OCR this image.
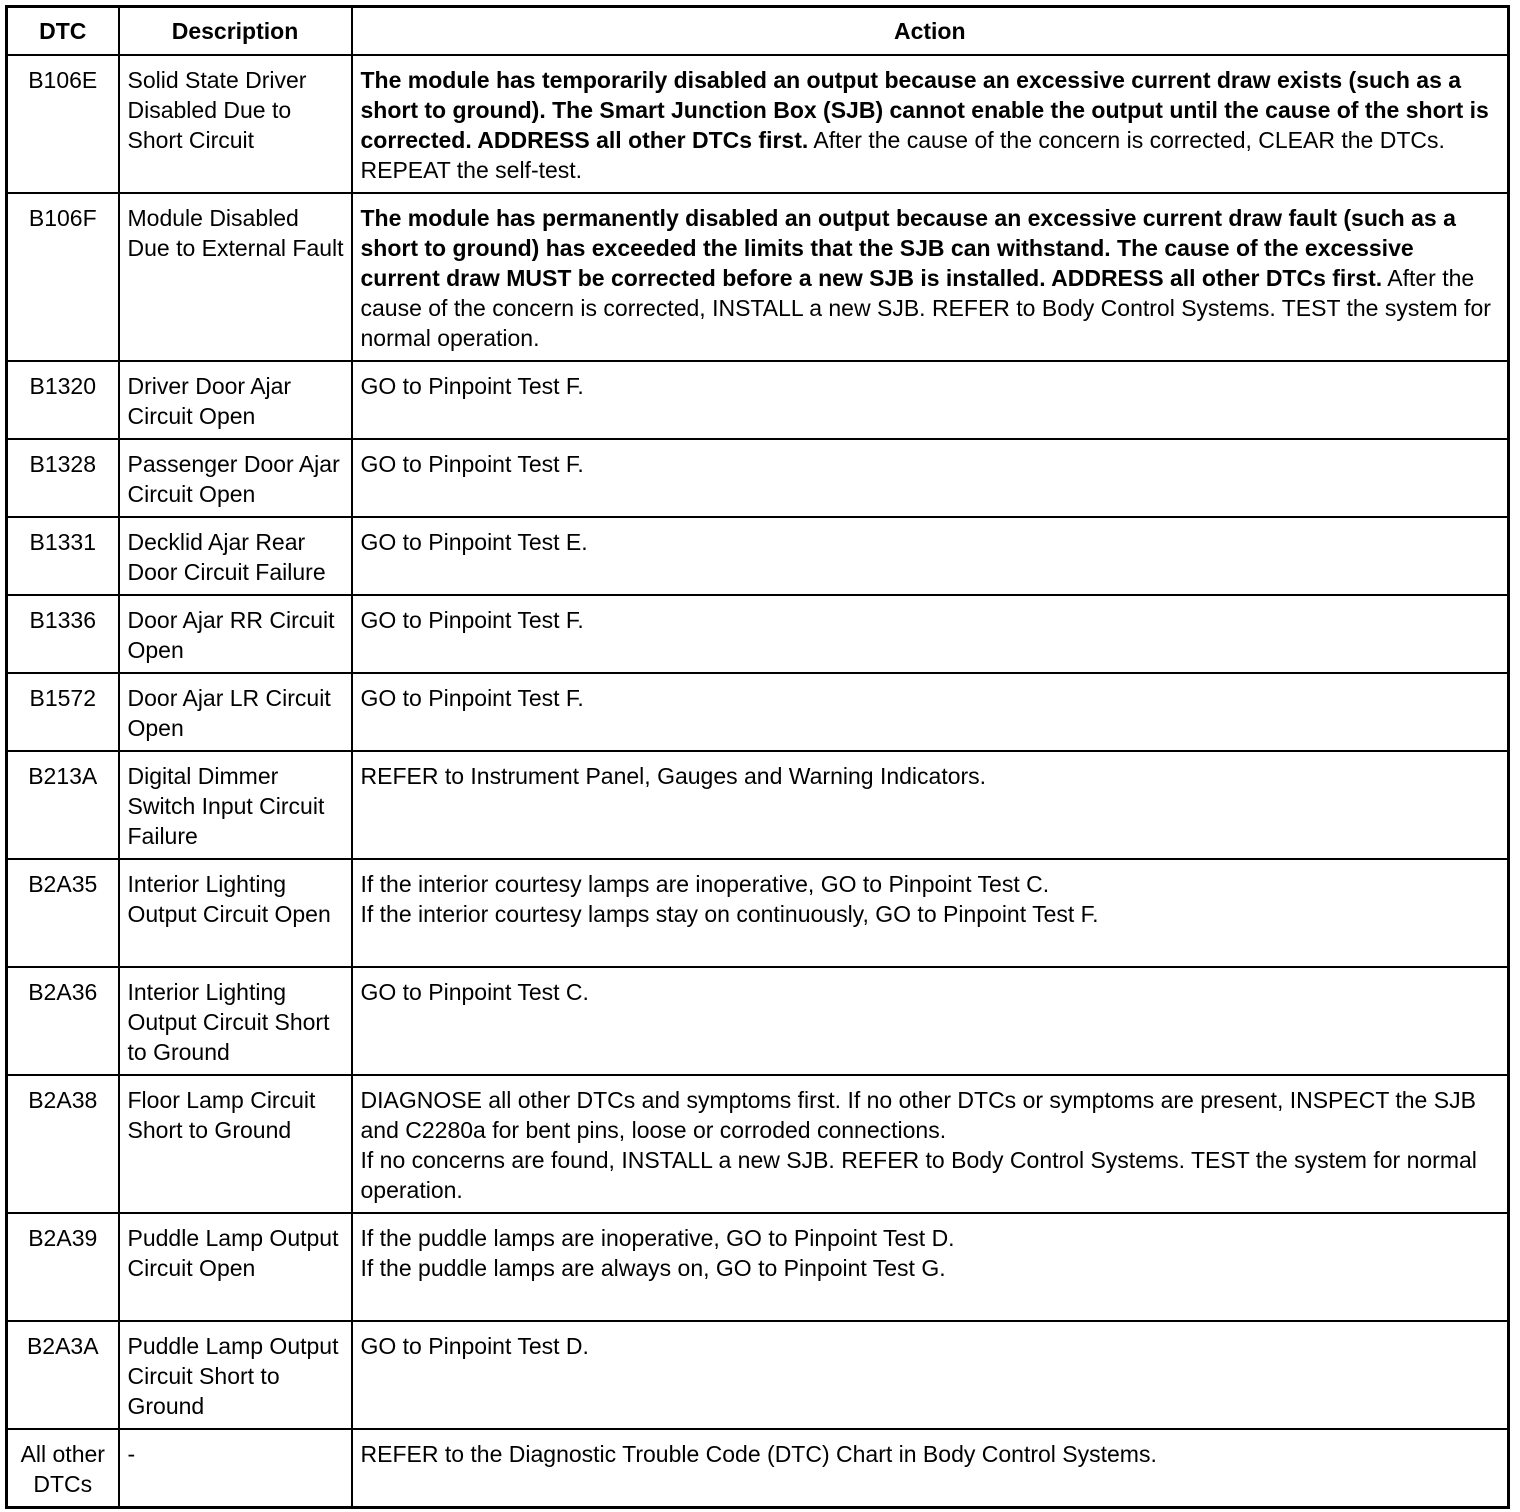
DTC	Description	Action
B106E	Solid State Driver Disabled Due to Short Circuit	The module has temporarily disabled an output because an excessive current draw exists (such as a short to ground). The Smart Junction Box (SJB) cannot enable the output until the cause of the short is corrected. ADDRESS all other DTCs first. After the cause of the concern is corrected, CLEAR the DTCs. REPEAT the self-test.
B106F	Module Disabled Due to External Fault	The module has permanently disabled an output because an excessive current draw fault (such as a short to ground) has exceeded the limits that the SJB can withstand. The cause of the excessive current draw MUST be corrected before a new SJB is installed. ADDRESS all other DTCs first. After the cause of the concern is corrected, INSTALL a new SJB. REFER to Body Control Systems. TEST the system for normal operation.
B1320	Driver Door Ajar Circuit Open	GO to Pinpoint Test F.
B1328	Passenger Door Ajar Circuit Open	GO to Pinpoint Test F.
B1331	Decklid Ajar Rear Door Circuit Failure	GO to Pinpoint Test E.
B1336	Door Ajar RR Circuit Open	GO to Pinpoint Test F.
B1572	Door Ajar LR Circuit Open	GO to Pinpoint Test F.
B213A	Digital Dimmer Switch Input Circuit Failure	REFER to Instrument Panel, Gauges and Warning Indicators.
B2A35	Interior Lighting Output Circuit Open	If the interior courtesy lamps are inoperative, GO to Pinpoint Test C.
If the interior courtesy lamps stay on continuously, GO to Pinpoint Test F.
B2A36	Interior Lighting Output Circuit Short to Ground	GO to Pinpoint Test C.
B2A38	Floor Lamp Circuit Short to Ground	DIAGNOSE all other DTCs and symptoms first. If no other DTCs or symptoms are present, INSPECT the SJB and C2280a for bent pins, loose or corroded connections.
If no concerns are found, INSTALL a new SJB. REFER to Body Control Systems. TEST the system for normal operation.
B2A39	Puddle Lamp Output Circuit Open	If the puddle lamps are inoperative, GO to Pinpoint Test D.
If the puddle lamps are always on, GO to Pinpoint Test G.
B2A3A	Puddle Lamp Output Circuit Short to Ground	GO to Pinpoint Test D.
All other DTCs	-	REFER to the Diagnostic Trouble Code (DTC) Chart in Body Control Systems.
